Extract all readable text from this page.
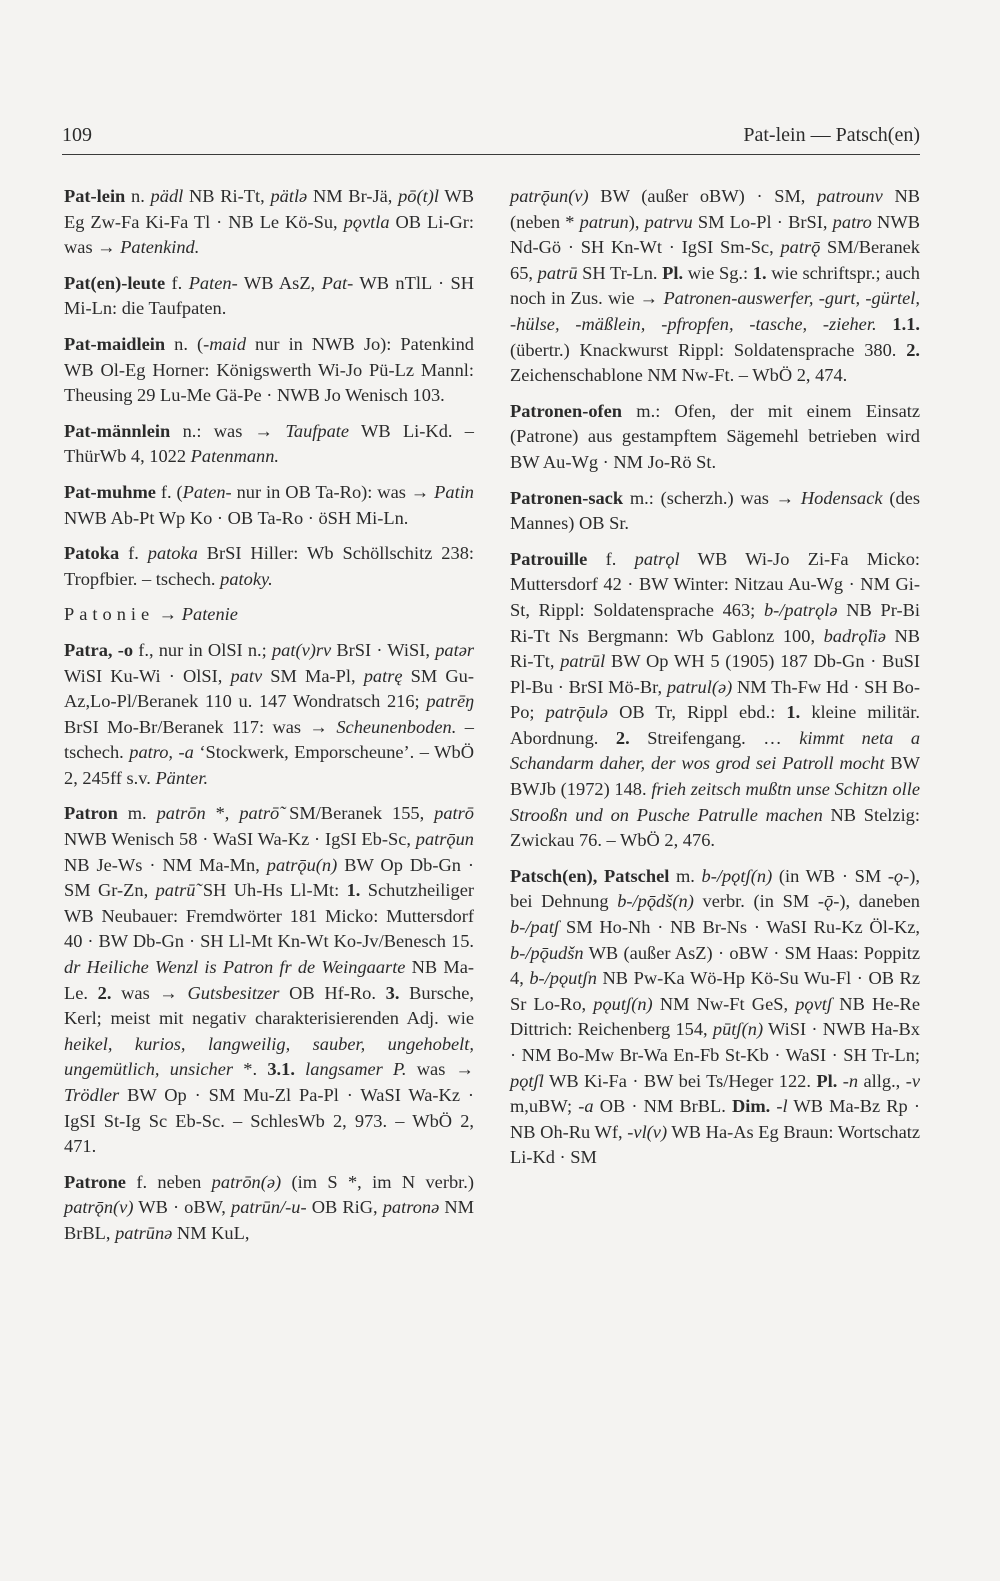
109	Pat-lein — Patsch(en)

Pat-lein n. pädl NB Ri-Tt, pätlə NM Br-Jä, pō(t)l WB Eg Zw-Fa Ki-Fa Tl · NB Le Kö-Su, pǫvtla OB Li-Gr: was → Patenkind.

Pat(en)-leute f. Paten- WB AsZ, Pat- WB nTlL · SH Mi-Ln: die Taufpaten.

Pat-maidlein n. (-maid nur in NWB Jo): Patenkind WB Ol-Eg Horner: Königswerth Wi-Jo Pü-Lz Mannl: Theusing 29 Lu-Me Gä-Pe · NWB Jo Wenisch 103.

Pat-männlein n.: was → Taufpate WB Li-Kd. – ThürWb 4, 1022 Patenmann.

Pat-muhme f. (Paten- nur in OB Ta-Ro): was → Patin NWB Ab-Pt Wp Ko · OB Ta-Ro · öSH Mi-Ln.

Patoka f. patoka BrSI Hiller: Wb Schöllschitz 238: Tropfbier. – tschech. patoky.

Patonie → Patenie

Patra, -o f., nur in OlSI n.; pat(v)rv BrSI · WiSI, patər WiSI Ku-Wi · OlSI, patv SM Ma-Pl, patrę SM Gu-Az,Lo-Pl/Beranek 110 u. 147 Wondratsch 216; patrēŋ BrSI Mo-Br/Beranek 117: was → Scheunenboden. – tschech. patro, -a ‘Stockwerk, Emporscheune’. – WbÖ 2, 245ff s.v. Pänter.

Patron m. patrōn *, patrō̃ SM/Beranek 155, patrō NWB Wenisch 58 · WaSI Wa-Kz · IgSI Eb-Sc, patrǭun NB Je-Ws · NM Ma-Mn, patrǭu(n) BW Op Db-Gn · SM Gr-Zn, patrū̃ SH Uh-Hs Ll-Mt: 1. Schutzheiliger WB Neubauer: Fremdwörter 181 Micko: Muttersdorf 40 · BW Db-Gn · SH Ll-Mt Kn-Wt Ko-Jv/Benesch 15. dr Heiliche Wenzl is Patron fr de Weingaarte NB Ma-Le. 2. was → Gutsbesitzer OB Hf-Ro. 3. Bursche, Kerl; meist mit negativ charakterisierenden Adj. wie heikel, kurios, langweilig, sauber, ungehobelt, ungemütlich, unsicher *. 3.1. langsamer P. was → Trödler BW Op · SM Mu-Zl Pa-Pl · WaSI Wa-Kz · IgSI St-Ig Sc Eb-Sc. – SchlesWb 2, 973. – WbÖ 2, 471.

Patrone f. neben patrōn(ə) (im S *, im N verbr.) patrǭn(v) WB · oBW, patrūn/-u- OB RiG, patronə NM BrBL, patrūnə NM KuL,

patrǭun(v) BW (außer oBW) · SM, patrounv NB (neben * patrun), patrvu SM Lo-Pl · BrSI, patro NWB Nd-Gö · SH Kn-Wt · IgSI Sm-Sc, patrǭ SM/Beranek 65, patrū SH Tr-Ln. Pl. wie Sg.: 1. wie schriftspr.; auch noch in Zus. wie → Patronen-auswerfer, -gurt, -gürtel, -hülse, -mäßlein, -pfropfen, -tasche, -zieher. 1.1. (übertr.) Knackwurst Rippl: Soldatensprache 380. 2. Zeichenschablone NM Nw-Ft. – WbÖ 2, 474.

Patronen-ofen m.: Ofen, der mit einem Einsatz (Patrone) aus gestampftem Sägemehl betrieben wird BW Au-Wg · NM Jo-Rö St.

Patronen-sack m.: (scherzh.) was → Hodensack (des Mannes) OB Sr.

Patrouille f. patrǫl WB Wi-Jo Zi-Fa Micko: Muttersdorf 42 · BW Winter: Nitzau Au-Wg · NM Gi-St, Rippl: Soldatensprache 463; b-/patrǫlə NB Pr-Bi Ri-Tt Ns Bergmann: Wb Gablonz 100, badrǫ̈liə NB Ri-Tt, patrūl BW Op WH 5 (1905) 187 Db-Gn · BuSI Pl-Bu · BrSI Mö-Br, patrul(ə) NM Th-Fw Hd · SH Bo-Po; patrǭulə OB Tr, Rippl ebd.: 1. kleine militär. Abordnung. 2. Streifengang. … kimmt neta a Schandarm daher, der wos grod sei Patroll mocht BW BWJb (1972) 148. frieh zeitsch mußtn unse Schitzn olle Strooßn und on Pusche Patrulle machen NB Stelzig: Zwickau 76. – WbÖ 2, 476.

Patsch(en), Patschel m. b-/pǫtʃ(n) (in WB · SM -ǫ-), bei Dehnung b-/pǭdš(n) verbr. (in SM -ǭ-), daneben b-/patʃ SM Ho-Nh · NB Br-Ns · WaSI Ru-Kz Öl-Kz, b-/pǭudšn WB (außer AsZ) · oBW · SM Haas: Poppitz 4, b-/pǫutʃn NB Pw-Ka Wö-Hp Kö-Su Wu-Fl · OB Rz Sr Lo-Ro, pǫutʃ(n) NM Nw-Ft GeS, pǫvtʃ NB He-Re Dittrich: Reichenberg 154, pūtʃ(n) WiSI · NWB Ha-Bx · NM Bo-Mw Br-Wa En-Fb St-Kb · WaSI · SH Tr-Ln; pǫtʃl WB Ki-Fa · BW bei Ts/Heger 122. Pl. -n allg., -v m,uBW; -a OB · NM BrBL. Dim. -l WB Ma-Bz Rp · NB Oh-Ru Wf, -vl(v) WB Ha-As Eg Braun: Wortschatz Li-Kd · SM
